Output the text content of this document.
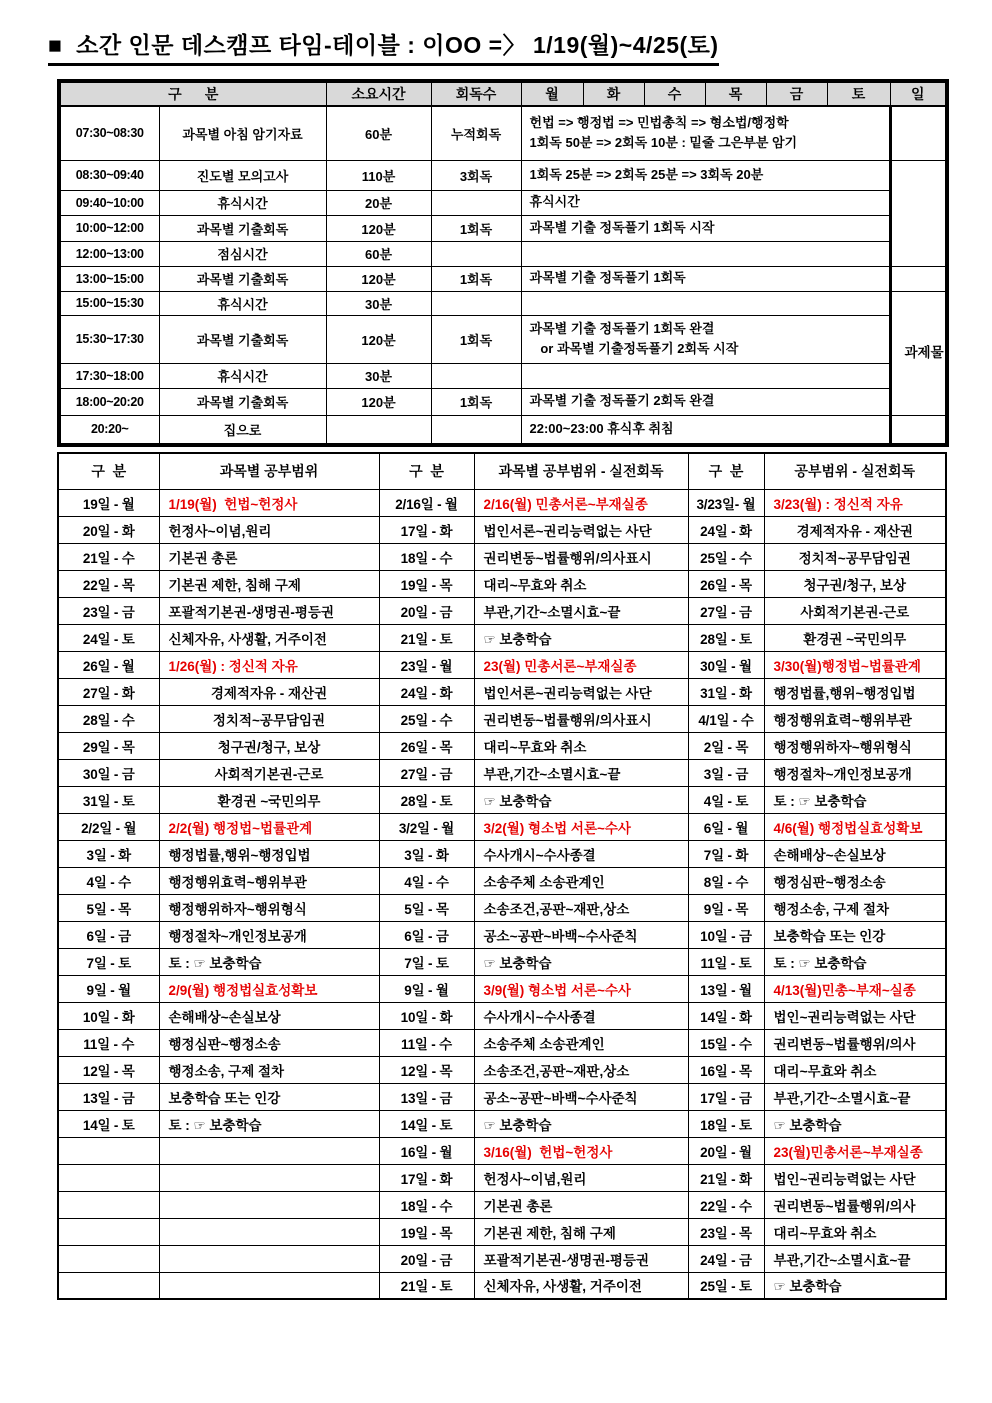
■  소간 인문 데스캠프 타임-테이블 : 이OO =〉 1/19(월)~4/25(토)
구      분		소요시간	회독수	월	화	수	목	금	토	일
07:30~08:30	과목별 아침 암기자료	60분	누적회독	헌법 => 행정법 => 민법총칙 => 형소법/행정학
1회독 50분 => 2회독 10분 : 밑줄 그은부분 암기						

08:30~09:40	진도별 모의고사	110분	3회독	1회독 25분 => 2회독 25분 => 3회독 20분						

09:40~10:00	휴식시간	20분		휴식시간						

10:00~12:00	과목별 기출회독	120분	1회독	과목별 기출 정독풀기 1회독 시작						

12:00~13:00	점심시간	60분								
13:00~15:00	과목별 기출회독	120분	1회독	과목별 기출 정독풀기 1회독						

15:00~15:30	휴식시간	30분								과제물
15:30~17:30	과목별 기출회독	120분	1회독	과목별 기출 정독풀기 1회독 완결
or 과목별 기출정독풀기 2회독 시작						

17:30~18:00	휴식시간	30분								
18:00~20:20	과목별 기출회독	120분	1회독	과목별 기출 정독풀기 2회독 완결						

20:20~	집으로			22:00~23:00 휴식후 취침						

구  분	과목별 공부범위	구  분	과목별 공부범위 - 실전회독	구  분	공부범위 - 실전회독
19일 - 월	1/19(월)  헌법~헌정사	2/16일 - 월	2/16(월) 민총서론~부재실종	3/23일- 월	3/23(월) : 정신적 자유
20일 - 화	헌정사~이념,원리	17일 - 화	법인서론~권리능력없는 사단	24일 - 화	경제적자유 - 재산권
21일 - 수	기본권 총론	18일 - 수	권리변동~법률행위/의사표시	25일 - 수	정치적~공무담임권
22일 - 목	기본권 제한, 침해 구제	19일 - 목	대리~무효와 취소	26일 - 목	청구권/청구, 보상
23일 - 금	포괄적기본권-생명권-평등권	20일 - 금	부관,기간~소멸시효~끝	27일 - 금	사회적기본권-근로
24일 - 토	신체자유, 사생활, 거주이전	21일 - 토	☞ 보충학습	28일 - 토	환경권 ~국민의무
26일 - 월	1/26(월) : 정신적 자유	23일 - 월	23(월) 민총서론~부재실종	30일 - 월	3/30(월)행정법~법률관계
27일 - 화	경제적자유 - 재산권	24일 - 화	법인서론~권리능력없는 사단	31일 - 화	행정법률,행위~행정입법
28일 - 수	정치적~공무담임권	25일 - 수	권리변동~법률행위/의사표시	4/1일 - 수	행정행위효력~행위부관
29일 - 목	청구권/청구, 보상	26일 - 목	대리~무효와 취소	2일 - 목	행정행위하자~행위형식
30일 - 금	사회적기본권-근로	27일 - 금	부관,기간~소멸시효~끝	3일 - 금	행정절차~개인정보공개
31일 - 토	환경권 ~국민의무	28일 - 토	☞ 보충학습	4일 - 토	토 : ☞ 보충학습
2/2일 - 월	2/2(월) 행정법~법률관계	3/2일 - 월	3/2(월) 형소법 서론~수사	6일 - 월	4/6(월) 행정법실효성확보
3일 - 화	행정법률,행위~행정입법	3일 - 화	수사개시~수사종결	7일 - 화	손해배상~손실보상
4일 - 수	행정행위효력~행위부관	4일 - 수	소송주체 소송관계인	8일 - 수	행정심판~행정소송
5일 - 목	행정행위하자~행위형식	5일 - 목	소송조건,공판~재판,상소	9일 - 목	행정소송, 구제 절차
6일 - 금	행정절차~개인정보공개	6일 - 금	공소~공판~바백~수사준칙	10일 - 금	보충학습 또는 인강
7일 - 토	토 : ☞ 보충학습	7일 - 토	☞ 보충학습	11일 - 토	토 : ☞ 보충학습
9일 - 월	2/9(월) 행정법실효성확보	9일 - 월	3/9(월) 형소법 서론~수사	13일 - 월	4/13(월)민총~부재~실종
10일 - 화	손해배상~손실보상	10일 - 화	수사개시~수사종결	14일 - 화	법인~권리능력없는 사단
11일 - 수	행정심판~행정소송	11일 - 수	소송주체 소송관계인	15일 - 수	권리변동~법률행위/의사
12일 - 목	행정소송, 구제 절차	12일 - 목	소송조건,공판~재판,상소	16일 - 목	대리~무효와 취소
13일 - 금	보충학습 또는 인강	13일 - 금	공소~공판~바백~수사준칙	17일 - 금	부관,기간~소멸시효~끝
14일 - 토	토 : ☞ 보충학습	14일 - 토	☞ 보충학습	18일 - 토	☞ 보충학습
		16일 - 월	3/16(월)  헌법~헌정사	20일 - 월	23(월)민총서론~부재실종
		17일 - 화	헌정사~이념,원리	21일 - 화	법인~권리능력없는 사단
		18일 - 수	기본권 총론	22일 - 수	권리변동~법률행위/의사
		19일 - 목	기본권 제한, 침해 구제	23일 - 목	대리~무효와 취소
		20일 - 금	포괄적기본권-생명권-평등권	24일 - 금	부관,기간~소멸시효~끝
		21일 - 토	신체자유, 사생활, 거주이전	25일 - 토	☞ 보충학습
